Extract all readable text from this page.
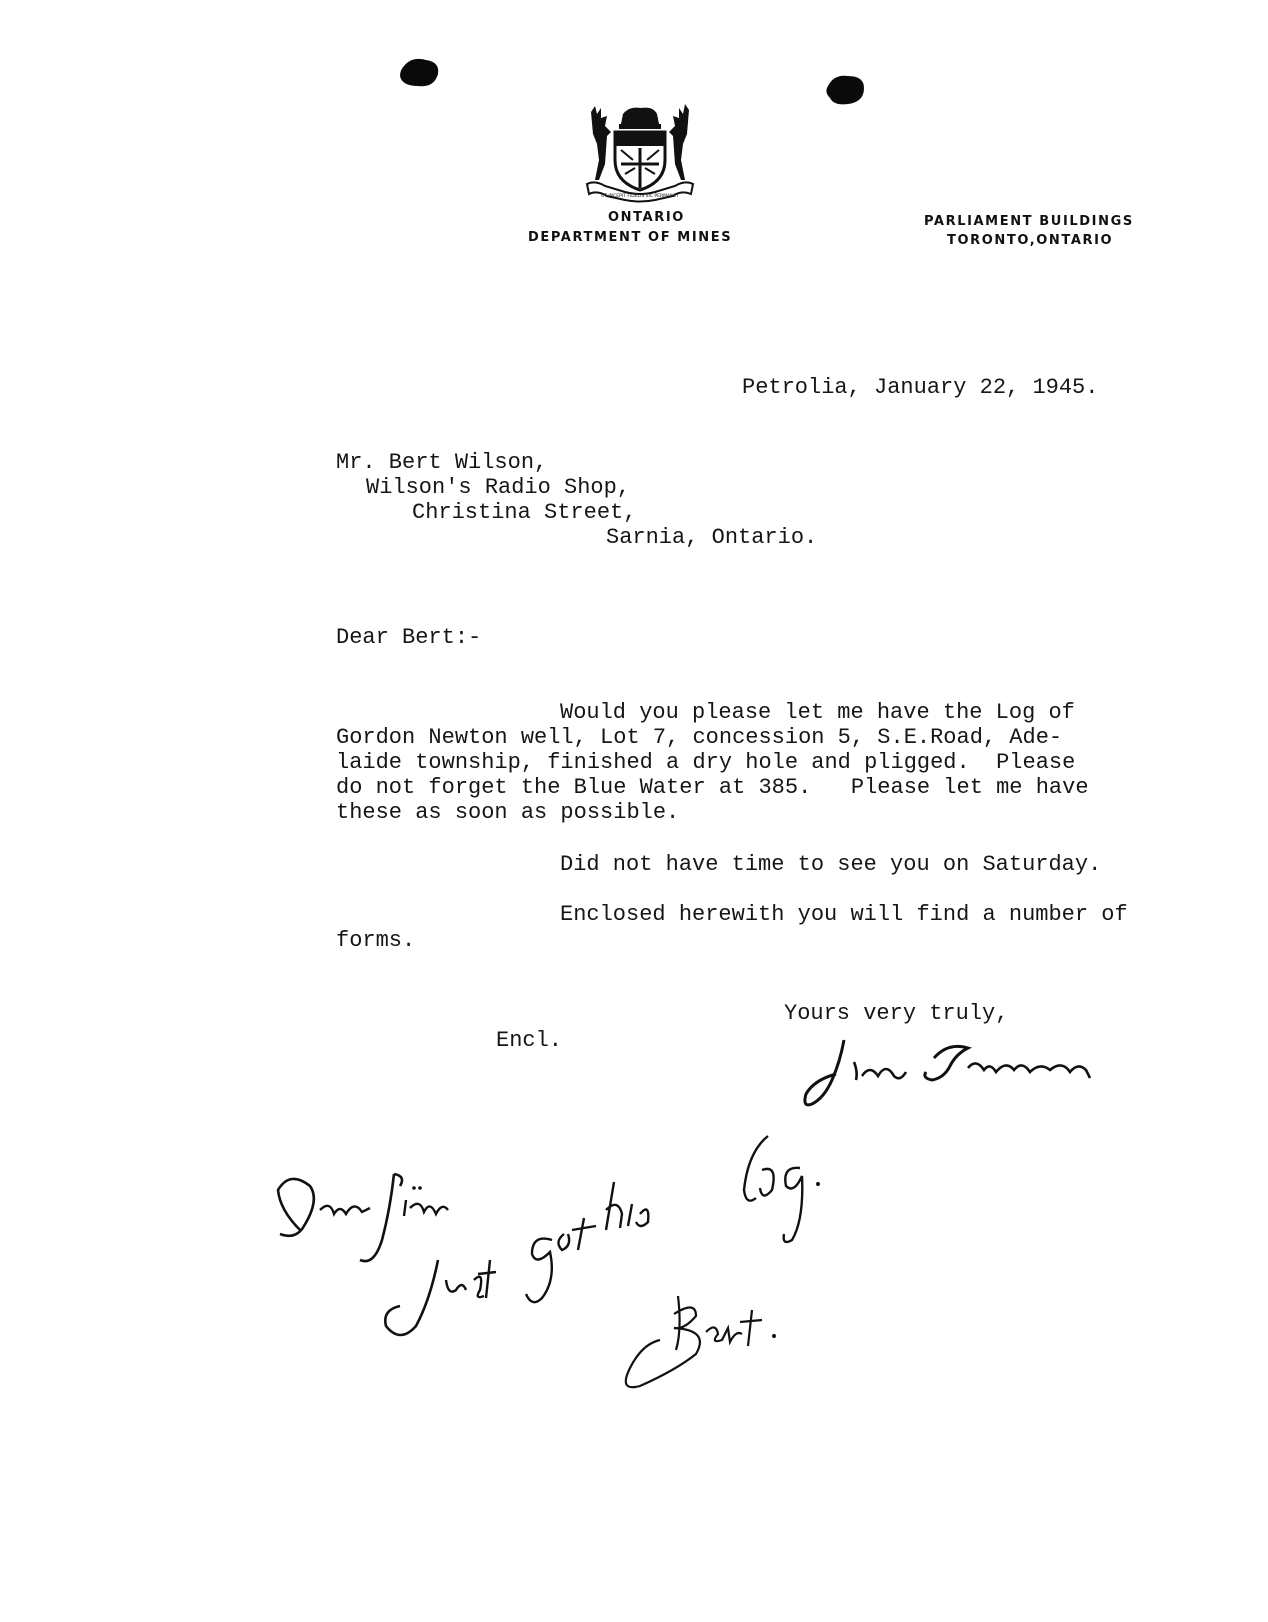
UT INCEPIT FIDELIS SIC PERMANET
ONTARIO
DEPARTMENT OF MINES
PARLIAMENT BUILDINGS
TORONTO,ONTARIO
Petrolia, January 22, 1945.
Mr. Bert Wilson,
Wilson's Radio Shop,
Christina Street,
Sarnia, Ontario.
Dear Bert:-
Would you please let me have the Log of
Gordon Newton well, Lot 7, concession 5, S.E.Road, Ade-
laide township, finished a dry hole and pligged.  Please
do not forget the Blue Water at 385.   Please let me have
these as soon as possible.
Did not have time to see you on Saturday.
Enclosed herewith you will find a number of
forms.
Yours very truly,
Encl.
